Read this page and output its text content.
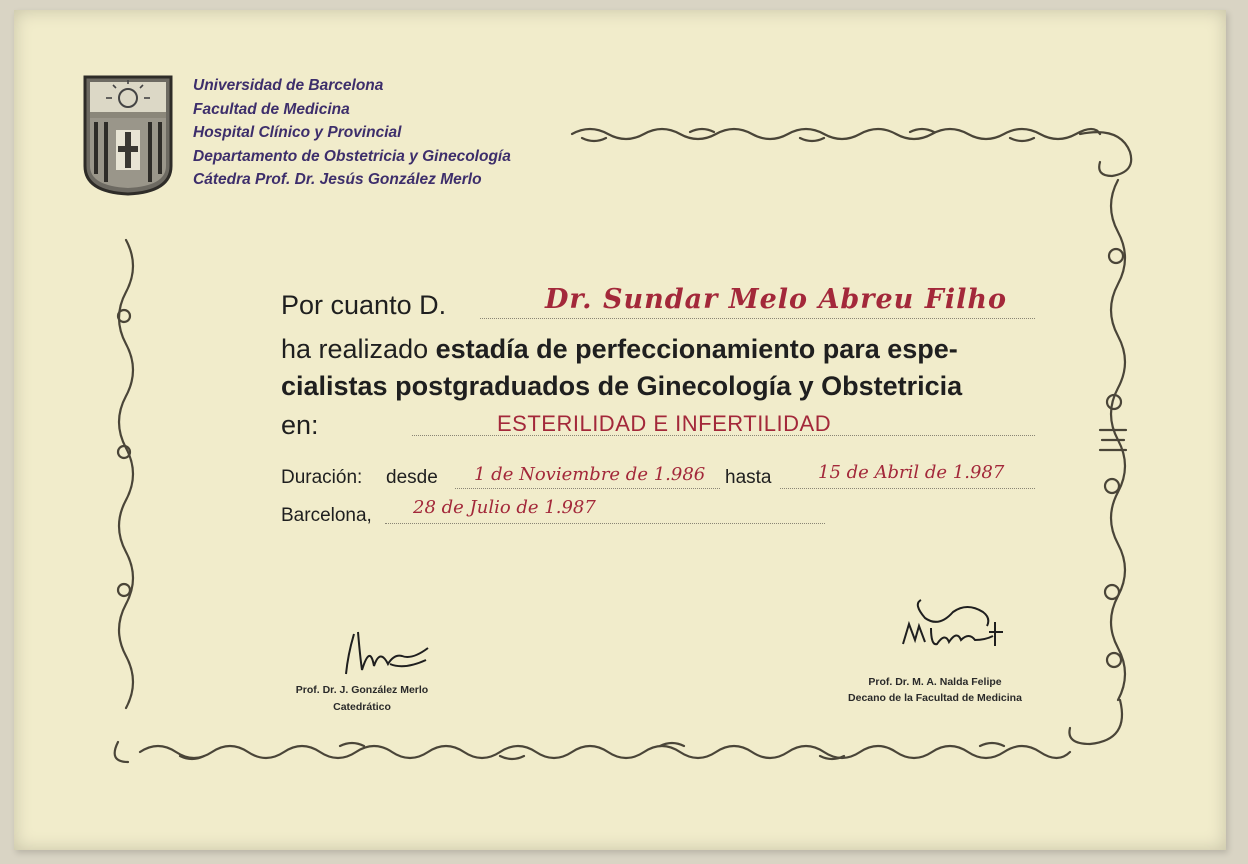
Universidad de Barcelona
Facultad de Medicina
Hospital Clínico y Provincial
Departamento de Obstetricia y Ginecología
Cátedra Prof. Dr. Jesús González Merlo
Por cuanto D.	Dr. Sundar Melo Abreu Filho
ha realizado estadía de perfeccionamiento para espe-
cialistas postgraduados de Ginecología y Obstetricia
en:	ESTERILIDAD E INFERTILIDAD
Duración: desde 1 de Noviembre de 1.986 hasta	15 de Abril de 1.987
Barcelona, 28 de Julio de 1.987
Prof. Dr. J. González Merlo
Catedrático
Prof. Dr. M. A. Nalda Felipe
Decano de la Facultad de Medicina
